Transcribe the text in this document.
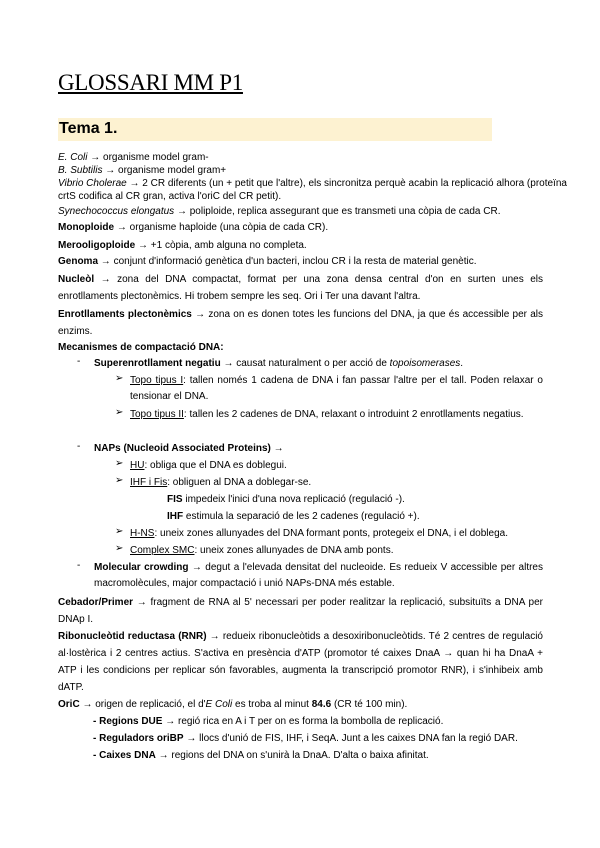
GLOSSARI MM P1
Tema 1.
E. Coli → organisme model gram-
B. Subtilis → organisme model gram+
Vibrio Cholerae → 2 CR diferents (un + petit que l'altre), els sincronitza perquè acabin la replicació alhora (proteïna
crtS codifica al CR gran, activa l'oriC del CR petit).
Synechococcus elongatus → poliploide, replica assegurant que es transmeti una còpia de cada CR.
Monoploide → organisme haploide (una còpia de cada CR).
Merooligoploide → +1 còpia, amb alguna no completa.
Genoma → conjunt d'informació genètica d'un bacteri, inclou CR i la resta de material genètic.
Nucleòl → zona del DNA compactat, format per una zona densa central d'on en surten unes els enrotllaments plectonèmics. Hi trobem sempre les seq. Ori i Ter una davant l'altra.
Enrotllaments plectonèmics → zona on es donen totes les funcions del DNA, ja que és accessible per als enzims.
Mecanismes de compactació DNA:
- Superenrotllament negatiu → causat naturalment o per acció de topoisomerases.
➢ Topo tipus I: tallen només 1 cadena de DNA i fan passar l'altre per el tall. Poden relaxar o tensionar el DNA.
➢ Topo tipus II: tallen les 2 cadenes de DNA, relaxant o introduint 2 enrotllaments negatius.
- NAPs (Nucleoid Associated Proteins) →
➢ HU: obliga que el DNA es doblegui.
➢ IHF i Fis: obliguen al DNA a doblegar-se.
FIS impedeix l'inici d'una nova replicació (regulació -).
IHF estimula la separació de les 2 cadenes (regulació +).
➢ H-NS: uneix zones allunyades del DNA formant ponts, protegeix el DNA, i el doblega.
➢ Complex SMC: uneix zones allunyades de DNA amb ponts.
- Molecular crowding → degut a l'elevada densitat del nucleoide. Es redueix V accessible per altres macromolècules, major compactació i unió NAPs-DNA més estable.
Cebador/Primer → fragment de RNA al 5' necessari per poder realitzar la replicació, subsituïts a DNA per DNAp I.
Ribonucleòtid reductasa (RNR) → redueix ribonucleòtids a desoxiribonucleòtids. Té 2 centres de regulació al·lostèrica i 2 centres actius. S'activa en presència d'ATP (promotor té caixes DnaA → quan hi ha DnaA + ATP i les condicions per replicar són favorables, augmenta la transcripció promotor RNR), i s'inhibeix amb dATP.
OriC → origen de replicació, el d'E Coli es troba al minut 84.6 (CR té 100 min).
- Regions DUE → regió rica en A i T per on es forma la bombolla de replicació.
- Reguladors oriBP → llocs d'unió de FIS, IHF, i SeqA. Junt a les caixes DNA fan la regió DAR.
- Caixes DNA → regions del DNA on s'unirà la DnaA. D'alta o baixa afinitat.
